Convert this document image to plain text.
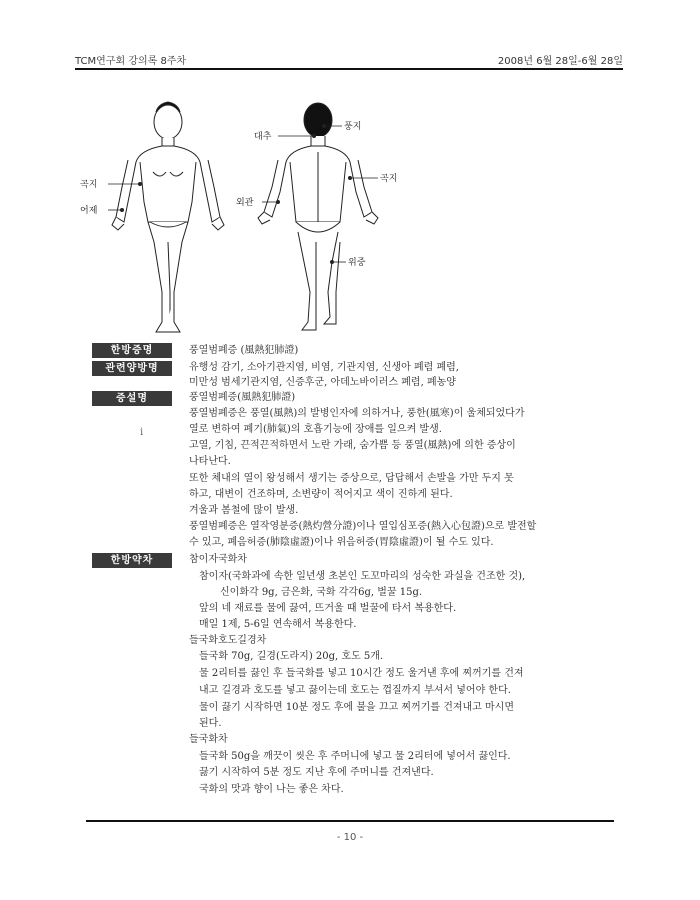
TCM연구회 강의록 8주차	2008년 6월 28일-6월 28일
곡지
어제
대추
풍지
곡지
외관
위중
한방증명
관련양방명
증설명
한방약차
풍열범폐증 (風熱犯肺證)
유행성 감기, 소아기관지염, 비염, 기관지염, 신생아 폐렴 폐렴,
미만성 범세기관지염, 신증후군, 아데노바이러스 폐렴, 폐농양
풍열범폐증(風熱犯肺證)
풍열범폐증은 풍열(風熱)의 발병인자에 의하거나, 풍한(風寒)이 울체되었다가
열로 변하여 폐기(肺氣)의 호흡기능에 장애를 일으켜 발생.
고열, 기침, 끈적끈적하면서 노란 가래, 숨가쁨 등 풍열(風熱)에 의한 증상이
나타난다.
또한 체내의 열이 왕성해서 생기는 증상으로, 답답해서 손발을 가만 두지 못
하고, 대변이 건조하며, 소변량이 적어지고 색이 진하게 된다.
겨울과 봄철에 많이 발생.
풍열범폐증은 열작영분증(熱灼營分證)이나 열입심포증(熱入心包證)으로 발전할
수 있고, 폐음허증(肺陰虛證)이나 위음허증(胃陰虛證)이 될 수도 있다.
참이자국화차
참이자(국화과에 속한 일년생 초본인 도꼬마리의 성숙한 과실을 건조한 것),
신이화각 9g, 금은화, 국화 각각6g, 벌꿀 15g.
앞의 네 재료를 물에 끓여, 뜨거울 때 벌꿀에 타서 복용한다.
매일 1제, 5-6일 연속해서 복용한다.
들국화호도길경차
들국화 70g, 길경(도라지) 20g, 호도 5개.
물 2리터를 끓인 후 들국화를 넣고 10시간 정도 울거낸 후에 찌꺼기를 건져
내고 길경과 호도를 넣고 끓이는데 호도는 껍질까지 부셔서 넣어야 한다.
물이 끓기 시작하면 10분 정도 후에 불을 끄고 찌꺼기를 건져내고 마시면
된다.
들국화차
들국화 50g을 깨끗이 씻은 후 주머니에 넣고 물 2리터에 넣어서 끓인다.
끓기 시작하여 5분 정도 지난 후에 주머니를 건져낸다.
국화의 맛과 향이 나는 좋은 차다.
i
- 10 -
